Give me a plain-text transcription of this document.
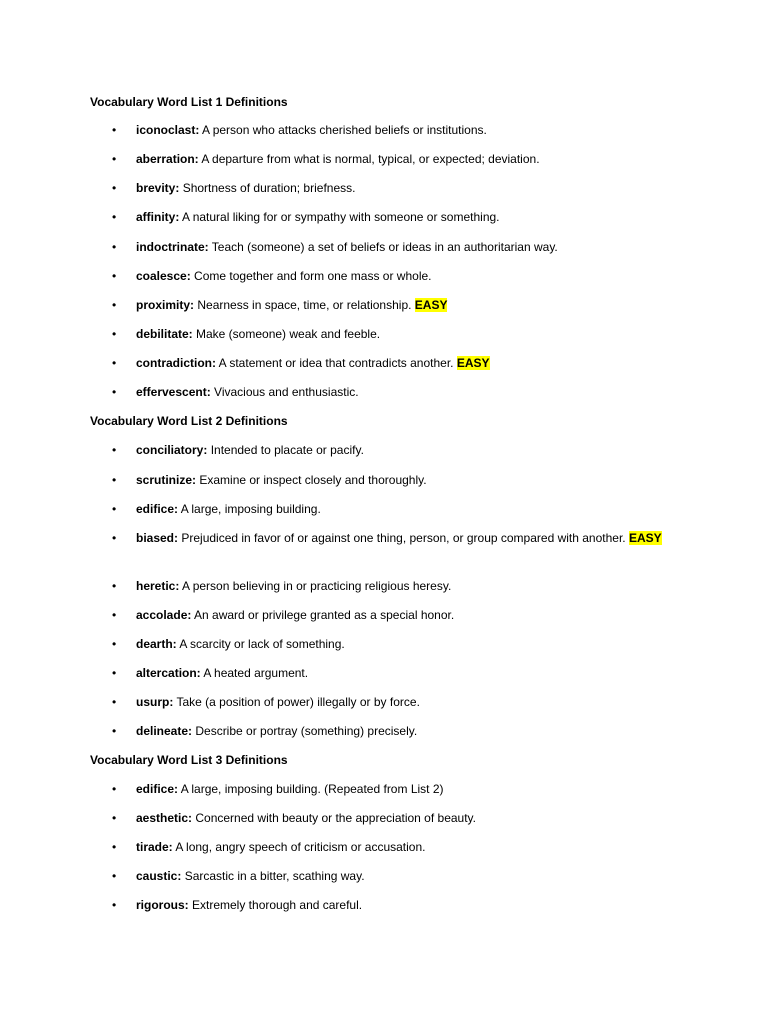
Vocabulary Word List 1 Definitions

• iconoclast: A person who attacks cherished beliefs or institutions.
• aberration: A departure from what is normal, typical, or expected; deviation.
• brevity: Shortness of duration; briefness.
• affinity: A natural liking for or sympathy with someone or something.
• indoctrinate: Teach (someone) a set of beliefs or ideas in an authoritarian way.
• coalesce: Come together and form one mass or whole.
• proximity: Nearness in space, time, or relationship. EASY
• debilitate: Make (someone) weak and feeble.
• contradiction: A statement or idea that contradicts another. EASY
• effervescent: Vivacious and enthusiastic.

Vocabulary Word List 2 Definitions

• conciliatory: Intended to placate or pacify.
• scrutinize: Examine or inspect closely and thoroughly.
• edifice: A large, imposing building.
• biased: Prejudiced in favor of or against one thing, person, or group compared with another. EASY
• heretic: A person believing in or practicing religious heresy.
• accolade: An award or privilege granted as a special honor.
• dearth: A scarcity or lack of something.
• altercation: A heated argument.
• usurp: Take (a position of power) illegally or by force.
• delineate: Describe or portray (something) precisely.

Vocabulary Word List 3 Definitions

• edifice: A large, imposing building. (Repeated from List 2)
• aesthetic: Concerned with beauty or the appreciation of beauty.
• tirade: A long, angry speech of criticism or accusation.
• caustic: Sarcastic in a bitter, scathing way.
• rigorous: Extremely thorough and careful.
